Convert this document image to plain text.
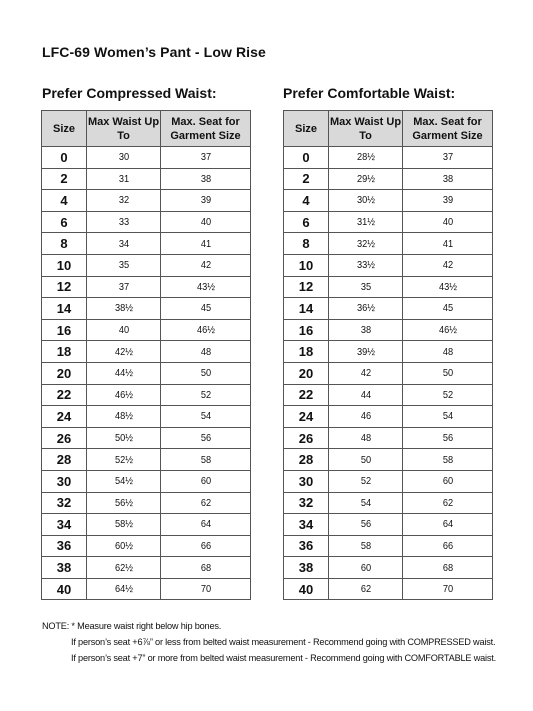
LFC-69 Women’s Pant - Low Rise
Prefer Compressed Waist:	Prefer Comfortable Waist:
Size	Max Waist Up To	Max. Seat for Garment Size
0	30	37
2	31	38
4	32	39
6	33	40
8	34	41
10	35	42
12	37	43½
14	38½	45
16	40	46½
18	42½	48
20	44½	50
22	46½	52
24	48½	54
26	50½	56
28	52½	58
30	54½	60
32	56½	62
34	58½	64
36	60½	66
38	62½	68
40	64½	70
Size	Max Waist Up To	Max. Seat for Garment Size
0	28½	37
2	29½	38
4	30½	39
6	31½	40
8	32½	41
10	33½	42
12	35	43½
14	36½	45
16	38	46½
18	39½	48
20	42	50
22	44	52
24	46	54
26	48	56
28	50	58
30	52	60
32	54	62
34	56	64
36	58	66
38	60	68
40	62	70
NOTE: * Measure waist right below hip bones.
If person’s seat +6⅞” or less from belted waist measurement - Recommend going with COMPRESSED waist.
If person’s seat +7” or more from belted waist measurement - Recommend going with COMFORTABLE waist.
